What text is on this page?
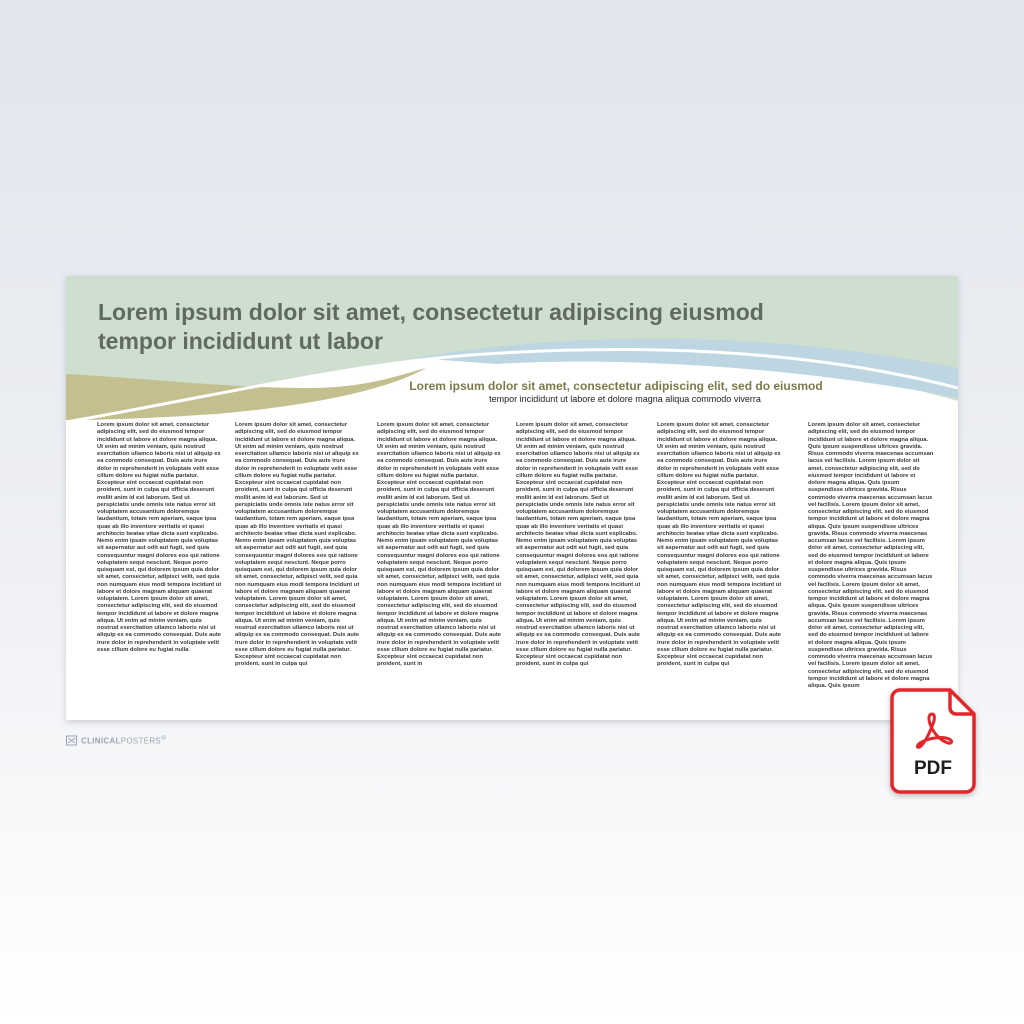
Lorem ipsum dolor sit amet, consectetur adipiscing eiusmod
tempor incididunt ut labor

Lorem ipsum dolor sit amet, consectetur adipiscing elit, sed do eiusmod

tempor incididunt ut labore et dolore magna aliqua commodo viverra

Lorem ipsum dolor sit amet, consectetur adipiscing elit, sed do eiusmod tempor incididunt ut labore et dolore magna aliqua. Ut enim ad minim veniam, quis nostrud exercitation ullamco laboris nisi ut aliquip ex ea commodo consequat. Duis aute irure dolor in reprehenderit in voluptate velit esse cillum dolore eu fugiat nulla pariatur. Excepteur sint occaecat cupidatat non proident, sunt in culpa qui officia deserunt mollit anim id est laborum. Sed ut perspiciatis unde omnis iste natus error sit voluptatem accusantium doloremque laudantium, totam rem aperiam, eaque ipsa quae ab illo inventore veritatis et quasi architecto beatae vitae dicta sunt explicabo. Nemo enim ipsam voluptatem quia voluptas sit aspernatur aut odit aut fugit, sed quia consequuntur magni dolores eos qui ratione voluptatem sequi nesciunt. Neque porro quisquam est, qui dolorem ipsum quia dolor sit amet, consectetur, adipisci velit, sed quia non numquam eius modi tempora incidunt ut labore et dolore magnam aliquam quaerat voluptatem. Lorem ipsum dolor sit amet, consectetur adipiscing elit, sed do eiusmod tempor incididunt ut labore et dolore magna aliqua. Ut enim ad minim veniam, quis nostrud exercitation ullamco laboris nisi ut aliquip ex ea commodo consequat. Duis aute irure dolor in reprehenderit in voluptate velit esse cillum dolore eu fugiat nulla
Lorem ipsum dolor sit amet, consectetur adipiscing elit, sed do eiusmod tempor incididunt ut labore et dolore magna aliqua. Ut enim ad minim veniam, quis nostrud exercitation ullamco laboris nisi ut aliquip ex ea commodo consequat. Duis aute irure dolor in reprehenderit in voluptate velit esse cillum dolore eu fugiat nulla pariatur. Excepteur sint occaecat cupidatat non proident, sunt in culpa qui officia deserunt mollit anim id est laborum. Sed ut perspiciatis unde omnis iste natus error sit voluptatem accusantium doloremque laudantium, totam rem aperiam, eaque ipsa quae ab illo inventore veritatis et quasi architecto beatae vitae dicta sunt explicabo. Nemo enim ipsam voluptatem quia voluptas sit aspernatur aut odit aut fugit, sed quia consequuntur magni dolores eos qui ratione voluptatem sequi nesciunt. Neque porro quisquam est, qui dolorem ipsum quia dolor sit amet, consectetur, adipisci velit, sed quia non numquam eius modi tempora incidunt ut labore et dolore magnam aliquam quaerat voluptatem. Lorem ipsum dolor sit amet, consectetur adipiscing elit, sed do eiusmod tempor incididunt ut labore et dolore magna aliqua. Ut enim ad minim veniam, quis nostrud exercitation ullamco laboris nisi ut aliquip ex ea commodo consequat. Duis aute irure dolor in reprehenderit in voluptate velit esse cillum dolore eu fugiat nulla pariatur. Excepteur sint occaecat cupidatat non proident, sunt in culpa qui
Lorem ipsum dolor sit amet, consectetur adipiscing elit, sed do eiusmod tempor incididunt ut labore et dolore magna aliqua. Ut enim ad minim veniam, quis nostrud exercitation ullamco laboris nisi ut aliquip ex ea commodo consequat. Duis aute irure dolor in reprehenderit in voluptate velit esse cillum dolore eu fugiat nulla pariatur. Excepteur sint occaecat cupidatat non proident, sunt in culpa qui officia deserunt mollit anim id est laborum. Sed ut perspiciatis unde omnis iste natus error sit voluptatem accusantium doloremque laudantium, totam rem aperiam, eaque ipsa quae ab illo inventore veritatis et quasi architecto beatae vitae dicta sunt explicabo. Nemo enim ipsam voluptatem quia voluptas sit aspernatur aut odit aut fugit, sed quia consequuntur magni dolores eos qui ratione voluptatem sequi nesciunt. Neque porro quisquam est, qui dolorem ipsum quia dolor sit amet, consectetur, adipisci velit, sed quia non numquam eius modi tempora incidunt ut labore et dolore magnam aliquam quaerat voluptatem. Lorem ipsum dolor sit amet, consectetur adipiscing elit, sed do eiusmod tempor incididunt ut labore et dolore magna aliqua. Ut enim ad minim veniam, quis nostrud exercitation ullamco laboris nisi ut aliquip ex ea commodo consequat. Duis aute irure dolor in reprehenderit in voluptate velit esse cillum dolore eu fugiat nulla pariatur. Excepteur sint occaecat cupidatat non proident, sunt in
Lorem ipsum dolor sit amet, consectetur adipiscing elit, sed do eiusmod tempor incididunt ut labore et dolore magna aliqua. Ut enim ad minim veniam, quis nostrud exercitation ullamco laboris nisi ut aliquip ex ea commodo consequat. Duis aute irure dolor in reprehenderit in voluptate velit esse cillum dolore eu fugiat nulla pariatur. Excepteur sint occaecat cupidatat non proident, sunt in culpa qui officia deserunt mollit anim id est laborum. Sed ut perspiciatis unde omnis iste natus error sit voluptatem accusantium doloremque laudantium, totam rem aperiam, eaque ipsa quae ab illo inventore veritatis et quasi architecto beatae vitae dicta sunt explicabo. Nemo enim ipsam voluptatem quia voluptas sit aspernatur aut odit aut fugit, sed quia consequuntur magni dolores eos qui ratione voluptatem sequi nesciunt. Neque porro quisquam est, qui dolorem ipsum quia dolor sit amet, consectetur, adipisci velit, sed quia non numquam eius modi tempora incidunt ut labore et dolore magnam aliquam quaerat voluptatem. Lorem ipsum dolor sit amet, consectetur adipiscing elit, sed do eiusmod tempor incididunt ut labore et dolore magna aliqua. Ut enim ad minim veniam, quis nostrud exercitation ullamco laboris nisi ut aliquip ex ea commodo consequat. Duis aute irure dolor in reprehenderit in voluptate velit esse cillum dolore eu fugiat nulla pariatur. Excepteur sint occaecat cupidatat non proident, sunt in culpa qui
Lorem ipsum dolor sit amet, consectetur adipiscing elit, sed do eiusmod tempor incididunt ut labore et dolore magna aliqua. Ut enim ad minim veniam, quis nostrud exercitation ullamco laboris nisi ut aliquip ex ea commodo consequat. Duis aute irure dolor in reprehenderit in voluptate velit esse cillum dolore eu fugiat nulla pariatur. Excepteur sint occaecat cupidatat non proident, sunt in culpa qui officia deserunt mollit anim id est laborum. Sed ut perspiciatis unde omnis iste natus error sit voluptatem accusantium doloremque laudantium, totam rem aperiam, eaque ipsa quae ab illo inventore veritatis et quasi architecto beatae vitae dicta sunt explicabo. Nemo enim ipsam voluptatem quia voluptas sit aspernatur aut odit aut fugit, sed quia consequuntur magni dolores eos qui ratione voluptatem sequi nesciunt. Neque porro quisquam est, qui dolorem ipsum quia dolor sit amet, consectetur, adipisci velit, sed quia non numquam eius modi tempora incidunt ut labore et dolore magnam aliquam quaerat voluptatem. Lorem ipsum dolor sit amet, consectetur adipiscing elit, sed do eiusmod tempor incididunt ut labore et dolore magna aliqua. Ut enim ad minim veniam, quis nostrud exercitation ullamco laboris nisi ut aliquip ex ea commodo consequat. Duis aute irure dolor in reprehenderit in voluptate velit esse cillum dolore eu fugiat nulla pariatur. Excepteur sint occaecat cupidatat non proident, sunt in culpa qui
Lorem ipsum dolor sit amet, consectetur adipiscing elit, sed do eiusmod tempor incididunt ut labore et dolore magna aliqua. Quis ipsum suspendisse ultrices gravida. Risus commodo viverra maecenas accumsan lacus vel facilisis. Lorem ipsum dolor sit amet, consectetur adipiscing elit, sed do eiusmod tempor incididunt ut labore et dolore magna aliqua. Quis ipsum suspendisse ultrices gravida. Risus commodo viverra maecenas accumsan lacus vel facilisis. Lorem ipsum dolor sit amet, consectetur adipiscing elit, sed do eiusmod tempor incididunt ut labore et dolore magna aliqua. Quis ipsum suspendisse ultrices gravida. Risus commodo viverra maecenas accumsan lacus vel facilisis. Lorem ipsum dolor sit amet, consectetur adipiscing elit, sed do eiusmod tempor incididunt ut labore et dolore magna aliqua. Quis ipsum suspendisse ultrices gravida. Risus commodo viverra maecenas accumsan lacus vel facilisis. Lorem ipsum dolor sit amet, consectetur adipiscing elit, sed do eiusmod tempor incididunt ut labore et dolore magna aliqua. Quis ipsum suspendisse ultrices gravida. Risus commodo viverra maecenas accumsan lacus vel facilisis. Lorem ipsum dolor sit amet, consectetur adipiscing elit, sed do eiusmod tempor incididunt ut labore et dolore magna aliqua. Quis ipsum suspendisse ultrices gravida. Risus commodo viverra maecenas accumsan lacus vel facilisis. Lorem ipsum dolor sit amet, consectetur adipiscing elit, sed do eiusmod tempor incididunt ut labore et dolore magna aliqua. Quis ipsum
CLINICALPOSTERS®
PDF
